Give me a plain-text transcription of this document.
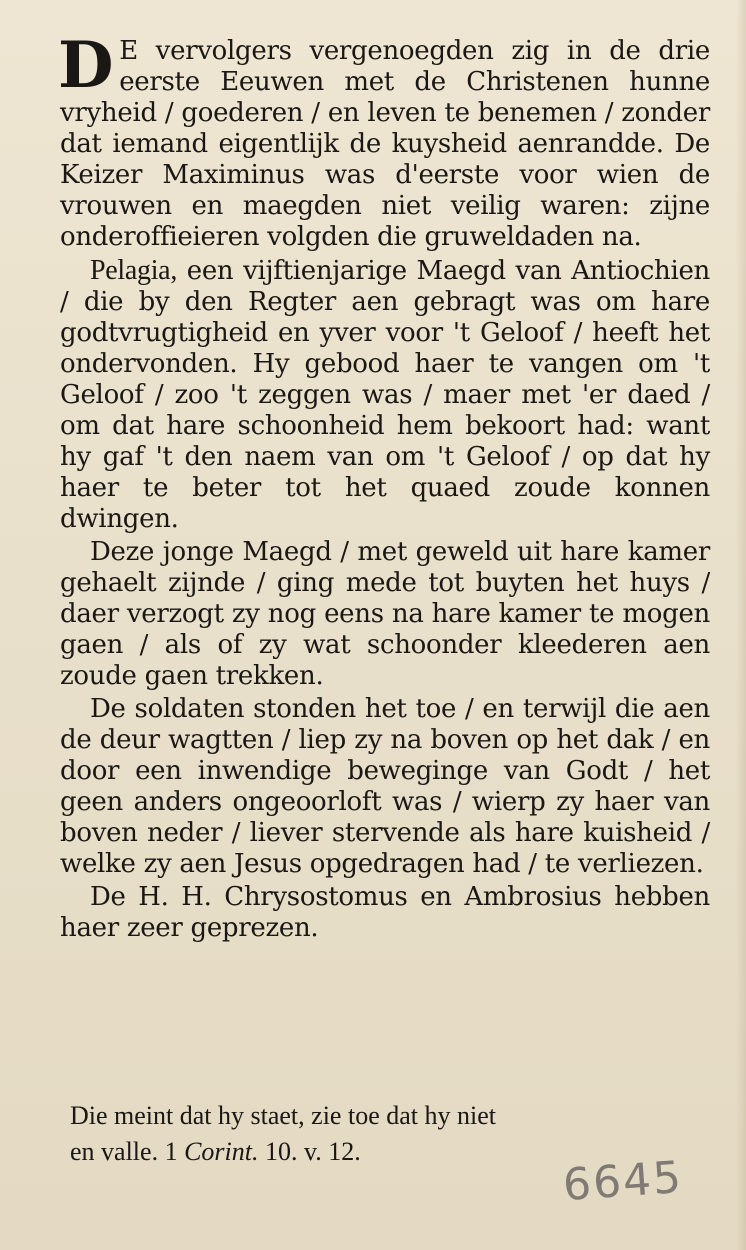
D E vervolgers vergenoegden zig in de drie eerste Eeuwen met de Christenen hunne vryheid / goederen / en leven te benemen / zonder dat iemand eigentlijk de kuysheid aenrandde. De Keizer Maximinus was d'eerste voor wien de vrouwen en maegden niet veilig waren: zijne onderoffieieren volgden die gruweldaden na.

Pelagia, een vijftienjarige Maegd van Antiochien / die by den Regter aen gebragt was om hare godtvrugtigheid en yver voor 't Geloof / heeft het ondervonden. Hy gebood haer te vangen om 't Geloof / zoo 't zeggen was / maer met 'er daed / om dat hare schoonheid hem bekoort had: want hy gaf 't den naem van om 't Geloof / op dat hy haer te beter tot het quaed zoude konnen dwingen.

Deze jonge Maegd / met geweld uit hare kamer gehaelt zijnde / ging mede tot buyten het huys / daer verzogt zy nog eens na hare kamer te mogen gaen / als of zy wat schoonder kleederen aen zoude gaen trekken.

De soldaten stonden het toe / en terwijl die aen de deur wagtten / liep zy na boven op het dak / en door een inwendige beweginge van Godt / het geen anders ongeoorloft was / wierp zy haer van boven neder / liever stervende als hare kuisheid / welke zy aen Jesus opgedragen had / te verliezen.

De H. H. Chrysostomus en Ambrosius hebben haer zeer geprezen.

Die meint dat hy staet, zie toe dat hy niet
en valle. 1 Corint. 10. v. 12.
6645
